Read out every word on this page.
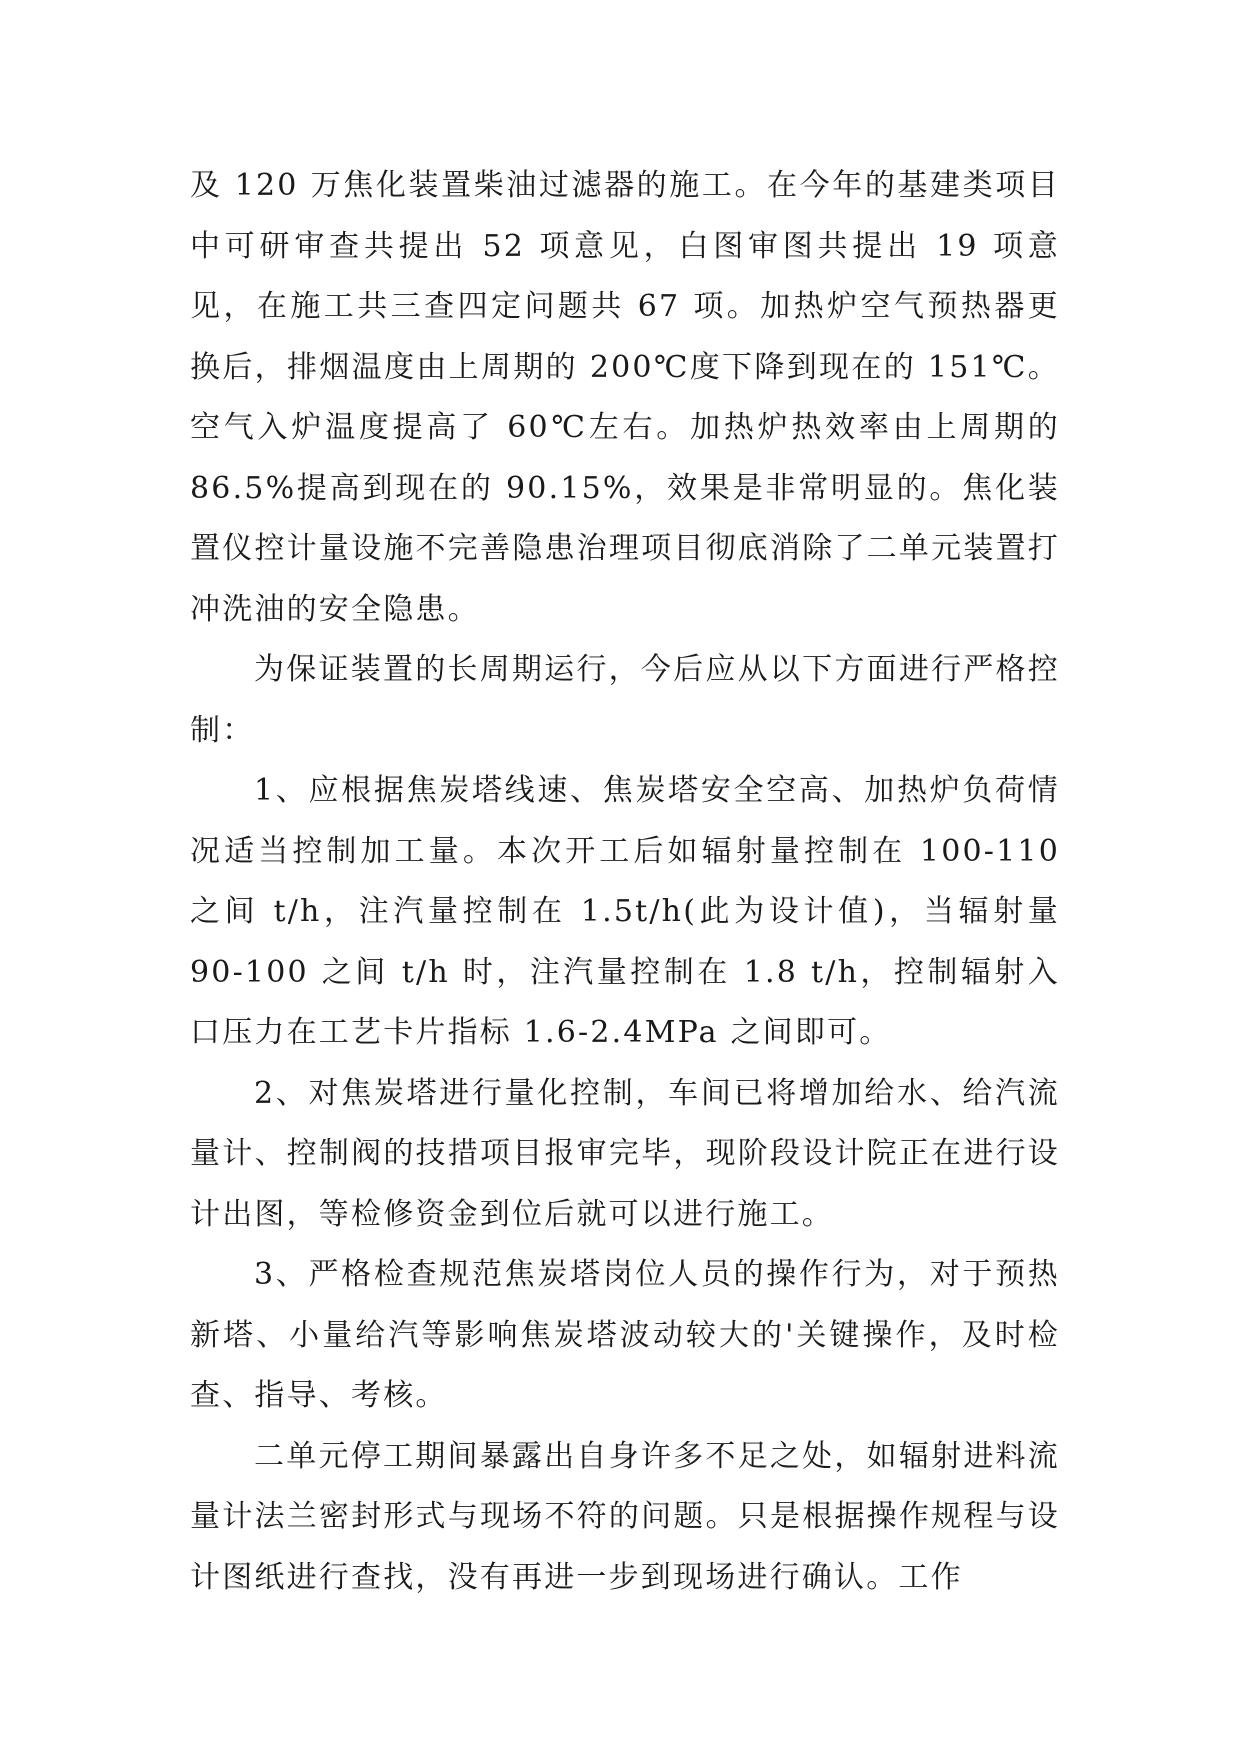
及 120 万焦化装置柴油过滤器的施工。在今年的基建类项目中可研审查共提出 52 项意见，白图审图共提出 19 项意见，在施工共三查四定问题共 67 项。加热炉空气预热器更换后，排烟温度由上周期的 200℃度下降到现在的 151℃。空气入炉温度提高了 60℃左右。加热炉热效率由上周期的 86.5%提高到现在的 90.15%，效果是非常明显的。焦化装置仪控计量设施不完善隐患治理项目彻底消除了二单元装置打冲洗油的安全隐患。

为保证装置的长周期运行，今后应从以下方面进行严格控制：

1、应根据焦炭塔线速、焦炭塔安全空高、加热炉负荷情况适当控制加工量。本次开工后如辐射量控制在 100-110 之间 t/h，注汽量控制在 1.5t/h(此为设计值)，当辐射量 90-100 之间 t/h 时，注汽量控制在 1.8 t/h，控制辐射入口压力在工艺卡片指标 1.6-2.4MPa 之间即可。

2、对焦炭塔进行量化控制，车间已将增加给水、给汽流量计、控制阀的技措项目报审完毕，现阶段设计院正在进行设计出图，等检修资金到位后就可以进行施工。

3、严格检查规范焦炭塔岗位人员的操作行为，对于预热新塔、小量给汽等影响焦炭塔波动较大的'关键操作，及时检查、指导、考核。

二单元停工期间暴露出自身许多不足之处，如辐射进料流量计法兰密封形式与现场不符的问题。只是根据操作规程与设计图纸进行查找，没有再进一步到现场进行确认。工作
